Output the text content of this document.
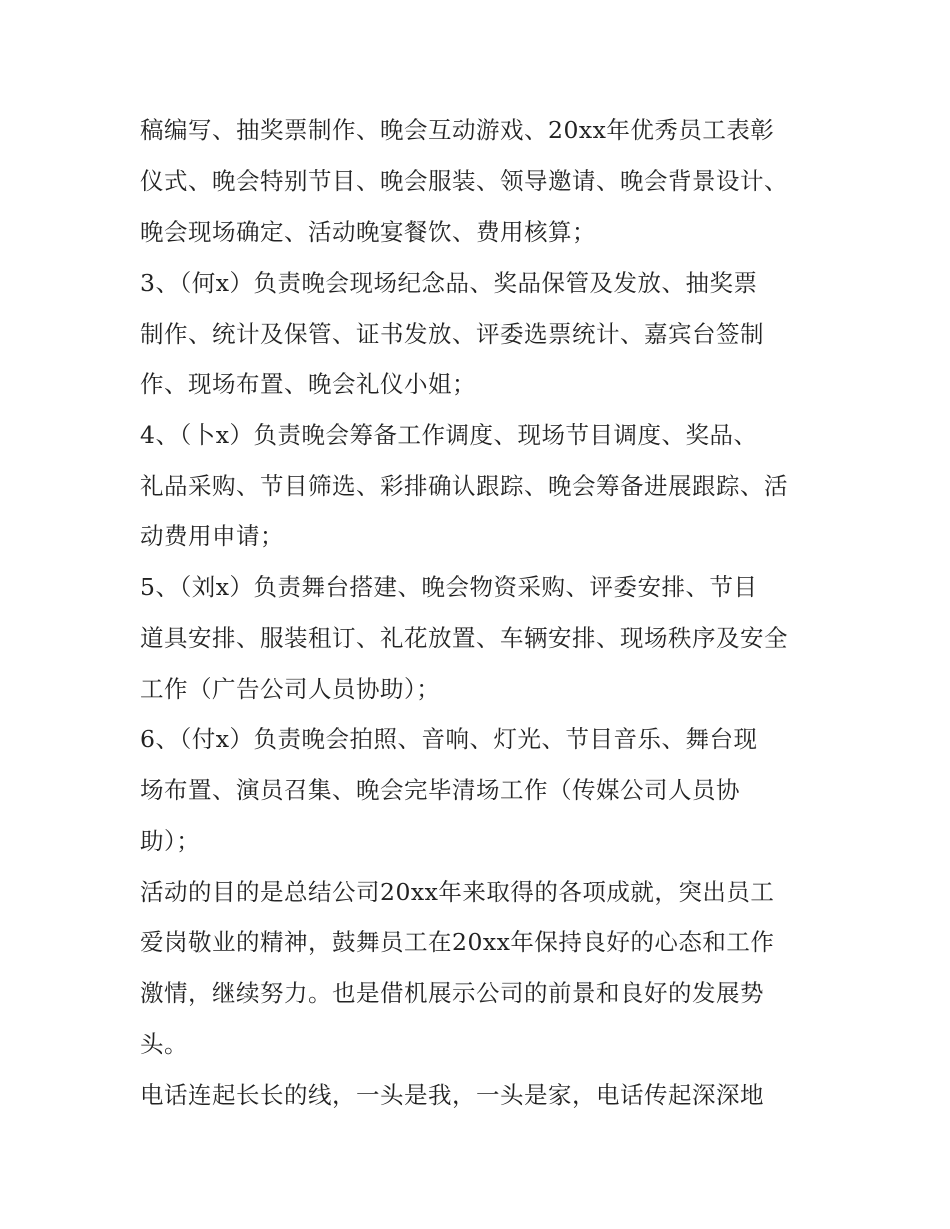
稿编写、抽奖票制作、晚会互动游戏、20xx年优秀员工表彰
仪式、晚会特别节目、晚会服装、领导邀请、晚会背景设计、
晚会现场确定、活动晚宴餐饮、费用核算；
3、（何x）负责晚会现场纪念品、奖品保管及发放、抽奖票
制作、统计及保管、证书发放、评委选票统计、嘉宾台签制
作、现场布置、晚会礼仪小姐；
4、（卜x）负责晚会筹备工作调度、现场节目调度、奖品、
礼品采购、节目筛选、彩排确认跟踪、晚会筹备进展跟踪、活
动费用申请；
5、（刘x）负责舞台搭建、晚会物资采购、评委安排、节目
道具安排、服装租订、礼花放置、车辆安排、现场秩序及安全
工作（广告公司人员协助）；
6、（付x）负责晚会拍照、音响、灯光、节目音乐、舞台现
场布置、演员召集、晚会完毕清场工作（传媒公司人员协
助）；
活动的目的是总结公司20xx年来取得的各项成就，突出员工
爱岗敬业的精神，鼓舞员工在20xx年保持良好的心态和工作
激情，继续努力。也是借机展示公司的前景和良好的发展势
头。
电话连起长长的线，一头是我，一头是家，电话传起深深地
